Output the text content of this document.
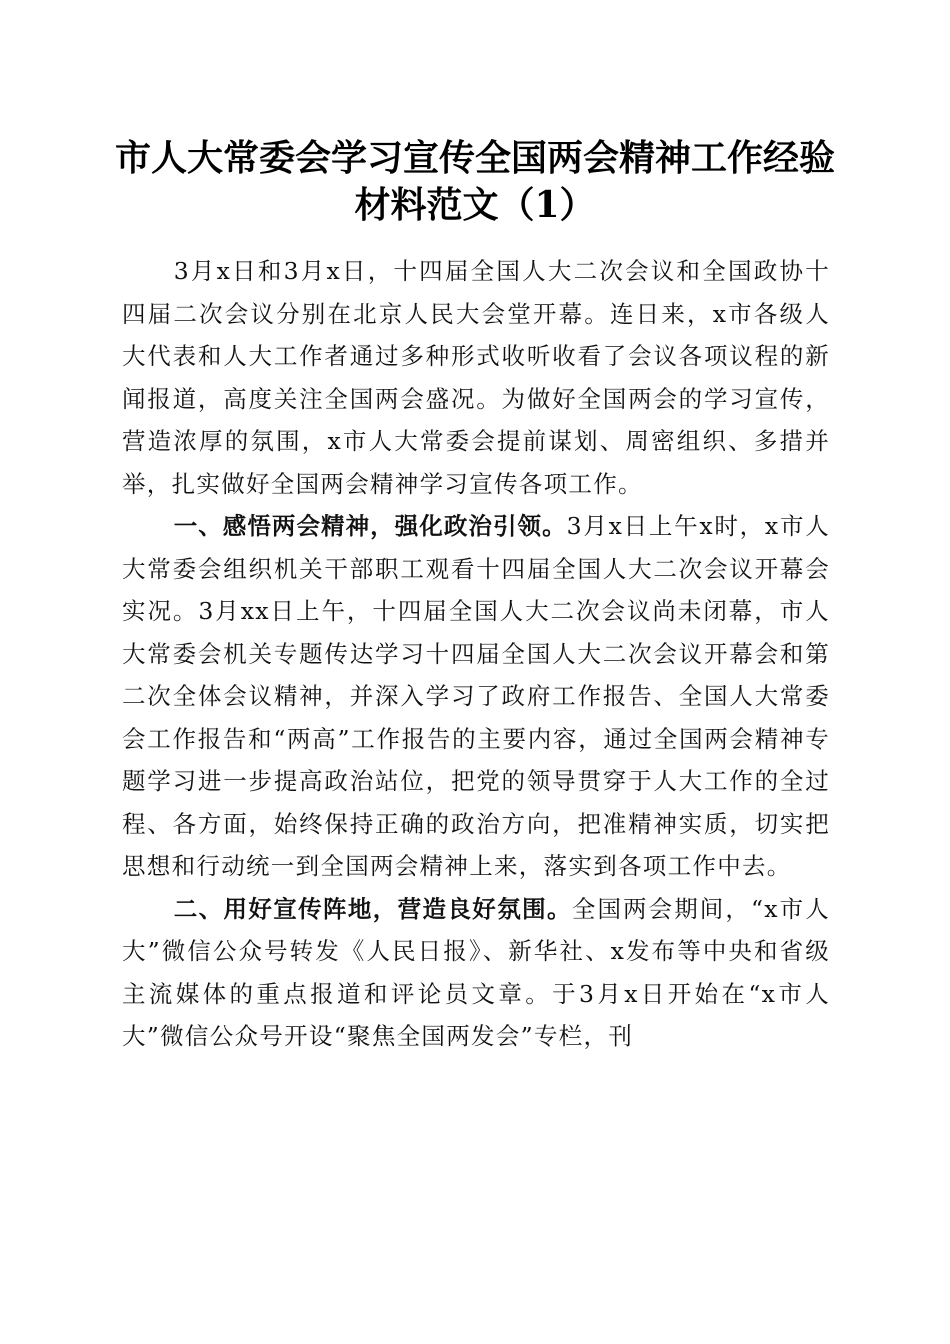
市人大常委会学习宣传全国两会精神工作经验材料范文（1）

3月x日和3月x日，十四届全国人大二次会议和全国政协十四届二次会议分别在北京人民大会堂开幕。连日来，x市各级人大代表和人大工作者通过多种形式收听收看了会议各项议程的新闻报道，高度关注全国两会盛况。为做好全国两会的学习宣传，营造浓厚的氛围，x市人大常委会提前谋划、周密组织、多措并举，扎实做好全国两会精神学习宣传各项工作。

一、感悟两会精神，强化政治引领。3月x日上午x时，x市人大常委会组织机关干部职工观看十四届全国人大二次会议开幕会实况。3月xx日上午，十四届全国人大二次会议尚未闭幕，市人大常委会机关专题传达学习十四届全国人大二次会议开幕会和第二次全体会议精神，并深入学习了政府工作报告、全国人大常委会工作报告和“两高”工作报告的主要内容，通过全国两会精神专题学习进一步提高政治站位，把党的领导贯穿于人大工作的全过程、各方面，始终保持正确的政治方向，把准精神实质，切实把思想和行动统一到全国两会精神上来，落实到各项工作中去。

二、用好宣传阵地，营造良好氛围。全国两会期间，“x市人大”微信公众号转发《人民日报》、新华社、x发布等中央和省级主流媒体的重点报道和评论员文章。于3月x日开始在“x市人大”微信公众号开设“聚焦全国两发会”专栏，刊
